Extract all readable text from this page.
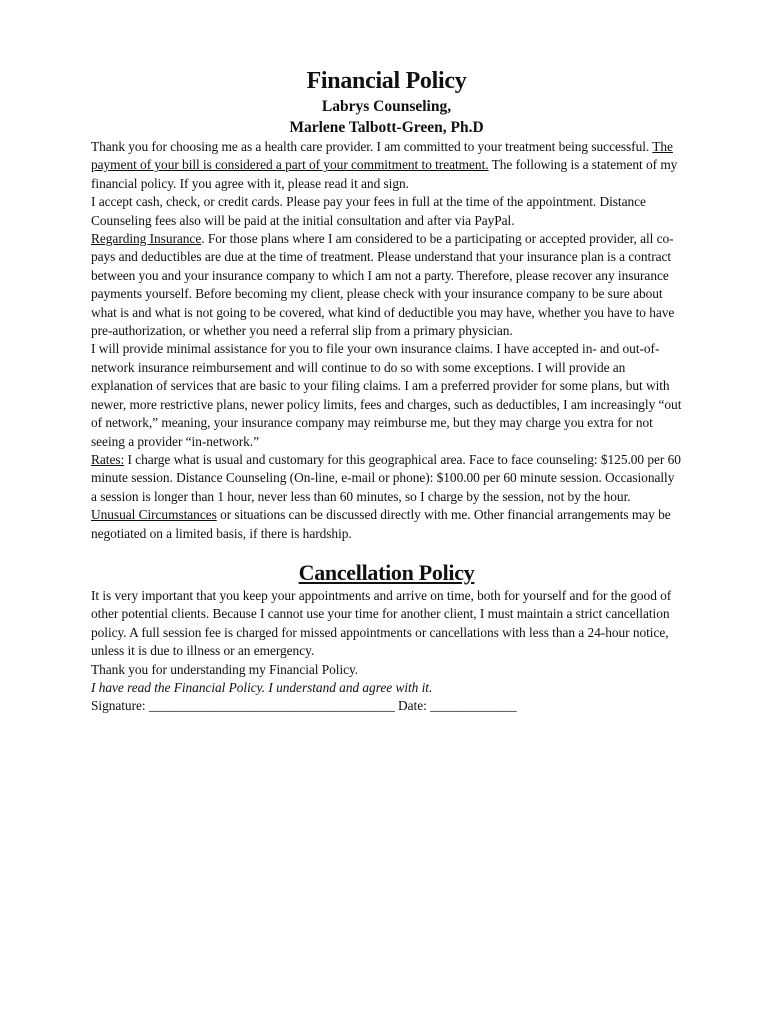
Financial Policy
Labrys Counseling,
Marlene Talbott-Green, Ph.D

Thank you for choosing me as a health care provider. I am committed to your treatment being successful. The payment of your bill is considered a part of your commitment to treatment. The following is a statement of my financial policy. If you agree with it, please read it and sign.

I accept cash, check, or credit cards. Please pay your fees in full at the time of the appointment. Distance Counseling fees also will be paid at the initial consultation and after via PayPal.

Regarding Insurance. For those plans where I am considered to be a participating or accepted provider, all co-pays and deductibles are due at the time of treatment. Please understand that your insurance plan is a contract between you and your insurance company to which I am not a party. Therefore, please recover any insurance payments yourself. Before becoming my client, please check with your insurance company to be sure about what is and what is not going to be covered, what kind of deductible you may have, whether you have to have pre-authorization, or whether you need a referral slip from a primary physician.

I will provide minimal assistance for you to file your own insurance claims. I have accepted in- and out-of-network insurance reimbursement and will continue to do so with some exceptions. I will provide an explanation of services that are basic to your filing claims. I am a preferred provider for some plans, but with newer, more restrictive plans, newer policy limits, fees and charges, such as deductibles, I am increasingly “out of network,” meaning, your insurance company may reimburse me, but they may charge you extra for not seeing a provider “in-network.”

Rates: I charge what is usual and customary for this geographical area. Face to face counseling: $125.00 per 60 minute session. Distance Counseling (On-line, e-mail or phone): $100.00 per 60 minute session. Occasionally a session is longer than 1 hour, never less than 60 minutes, so I charge by the session, not by the hour.

Unusual Circumstances or situations can be discussed directly with me. Other financial arrangements may be negotiated on a limited basis, if there is hardship.

Cancellation Policy

It is very important that you keep your appointments and arrive on time, both for yourself and for the good of other potential clients. Because I cannot use your time for another client, I must maintain a strict cancellation policy. A full session fee is charged for missed appointments or cancellations with less than a 24-hour notice, unless it is due to illness or an emergency.

Thank you for understanding my Financial Policy.

I have read the Financial Policy. I understand and agree with it.

Signature: _____________________________________ Date: _____________
